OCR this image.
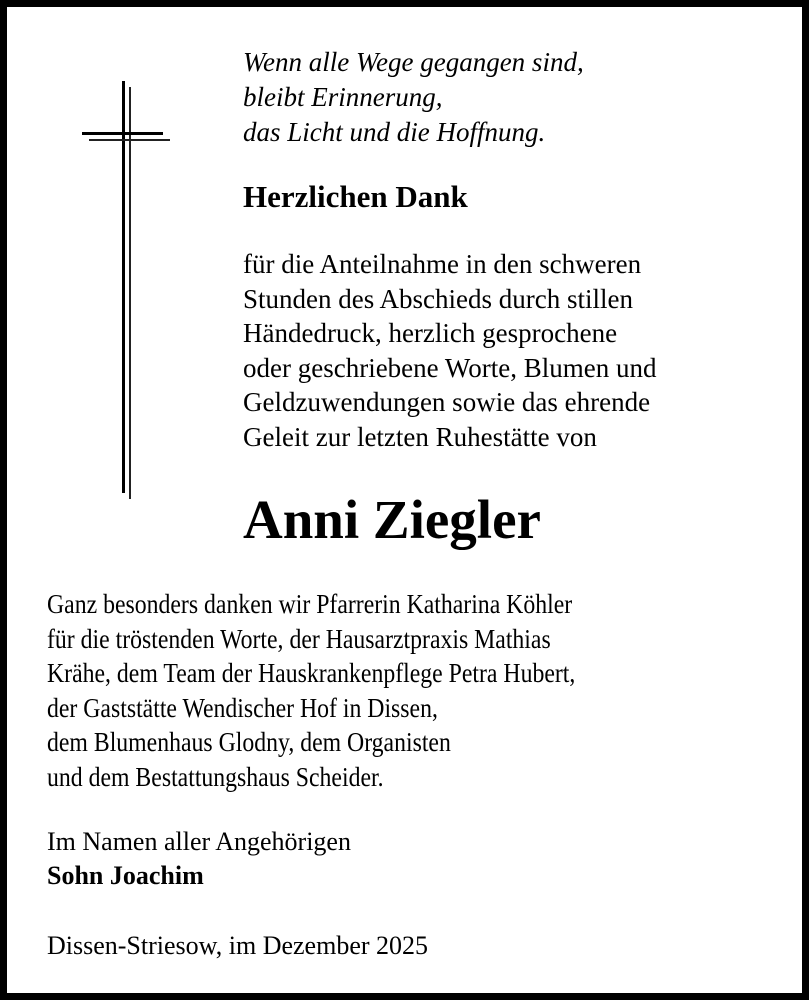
Wenn alle Wege gegangen sind,
bleibt Erinnerung,
das Licht und die Hoffnung.
Herzlichen Dank
für die Anteilnahme in den schweren
Stunden des Abschieds durch stillen
Händedruck, herzlich gesprochene
oder geschriebene Worte, Blumen und
Geldzuwendungen sowie das ehrende
Geleit zur letzten Ruhestätte von
Anni Ziegler
Ganz besonders danken wir Pfarrerin Katharina Köhler
für die tröstenden Worte, der Hausarztpraxis Mathias
Krähe, dem Team der Hauskrankenpflege Petra Hubert,
der Gaststätte Wendischer Hof in Dissen,
dem Blumenhaus Glodny, dem Organisten
und dem Bestattungshaus Scheider.
Im Namen aller Angehörigen
Sohn Joachim
Dissen-Striesow, im Dezember 2025
